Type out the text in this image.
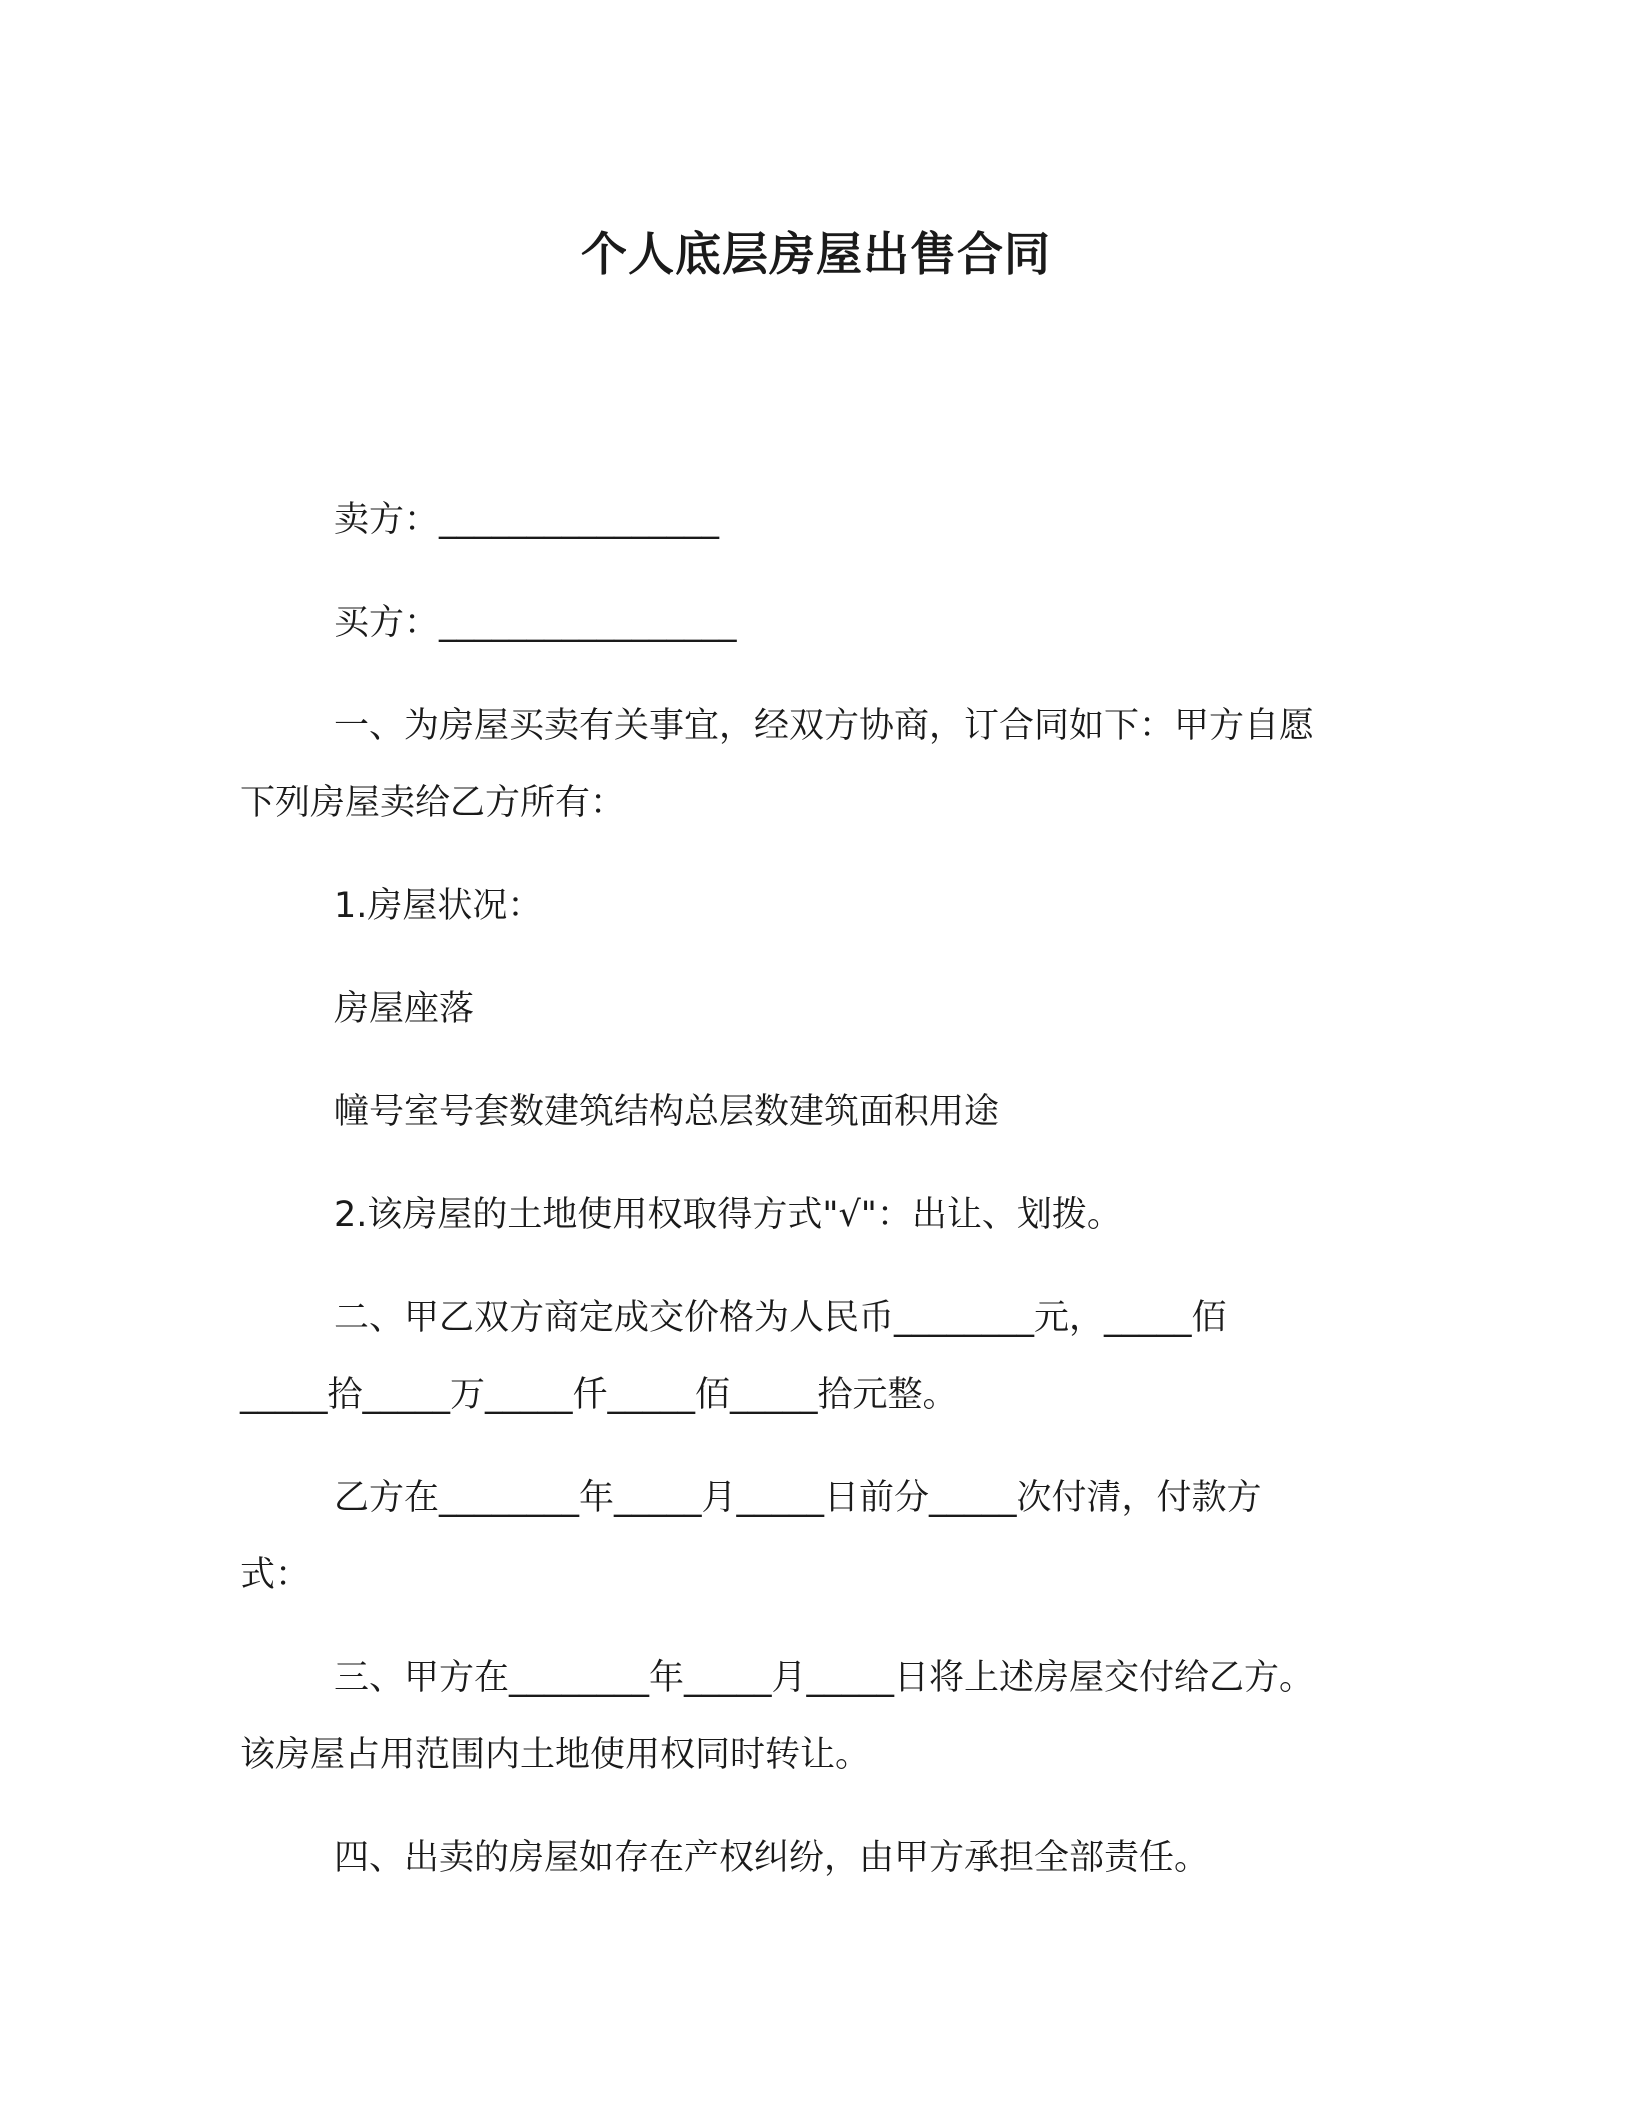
个人底层房屋出售合同
卖方：________________
买方：_________________
一、为房屋买卖有关事宜，经双方协商，订合同如下：甲方自愿
下列房屋卖给乙方所有：
1.房屋状况：
房屋座落
幢号室号套数建筑结构总层数建筑面积用途
2.该房屋的土地使用权取得方式"√"：出让、划拨。
二、甲乙双方商定成交价格为人民币________元，_____佰
_____拾_____万_____仟_____佰_____拾元整。
乙方在________年_____月_____日前分_____次付清，付款方
式：
三、甲方在________年_____月_____日将上述房屋交付给乙方。
该房屋占用范围内土地使用权同时转让。
四、出卖的房屋如存在产权纠纷，由甲方承担全部责任。
